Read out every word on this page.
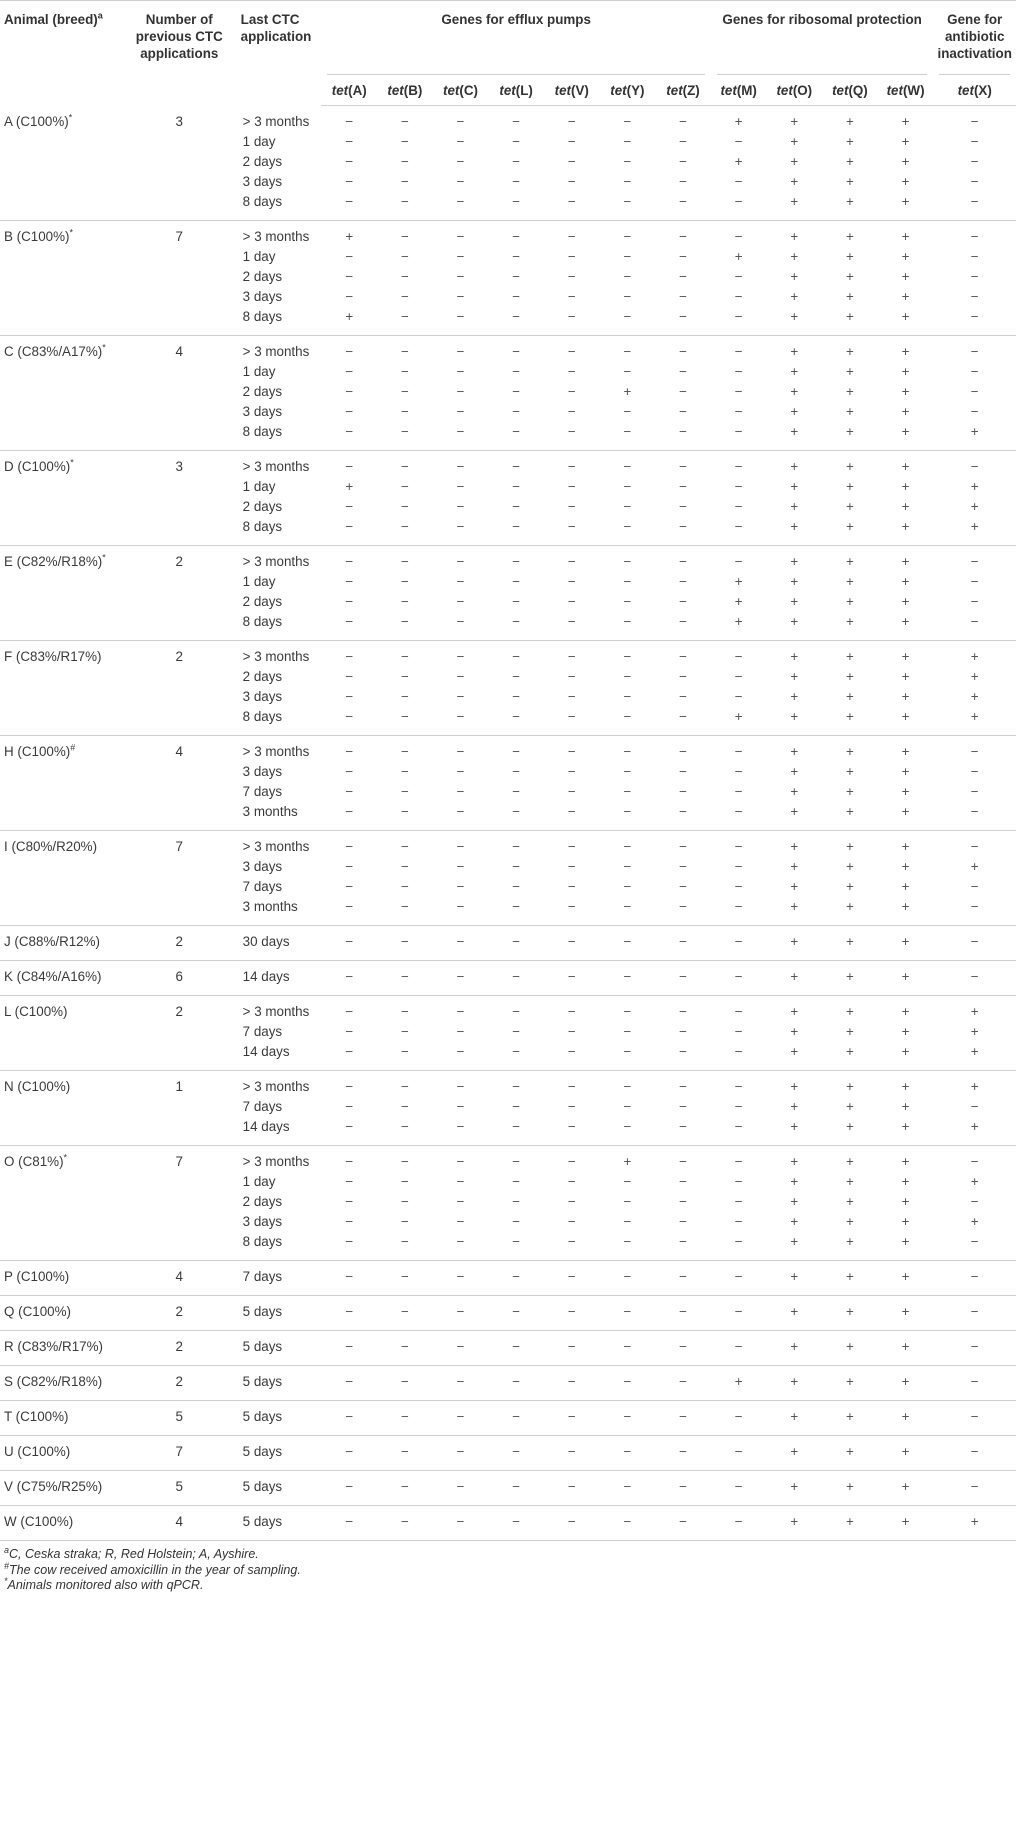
Animal (breed)$^a$	Number of previous CTC applications	Last CTC application	Genes for efflux pumps							Genes for ribosomal protection				Gene for antibiotic inactivation

			tet(A)	tet(B)	tet(C)	tet(L)	tet(V)	tet(Y)	tet(Z)	tet(M)	tet(O)	tet(Q)	tet(W)	tet(X)
A (C100%)*	3	> 3 months	−	−	−	−	−	−	−	+	+	+	+	−
		1 day	−	−	−	−	−	−	−	−	+	+	+	−
		2 days	−	−	−	−	−	−	−	+	+	+	+	−
		3 days	−	−	−	−	−	−	−	−	+	+	+	−
		8 days	−	−	−	−	−	−	−	−	+	+	+	−
B (C100%)*	7	> 3 months	+	−	−	−	−	−	−	−	+	+	+	−
		1 day	−	−	−	−	−	−	−	+	+	+	+	−
		2 days	−	−	−	−	−	−	−	−	+	+	+	−
		3 days	−	−	−	−	−	−	−	−	+	+	+	−
		8 days	+	−	−	−	−	−	−	−	+	+	+	−
C (C83%/A17%)*	4	> 3 months	−	−	−	−	−	−	−	−	+	+	+	−
		1 day	−	−	−	−	−	−	−	−	+	+	+	−
		2 days	−	−	−	−	−	+	−	−	+	+	+	−
		3 days	−	−	−	−	−	−	−	−	+	+	+	−
		8 days	−	−	−	−	−	−	−	−	+	+	+	+
D (C100%)*	3	> 3 months	−	−	−	−	−	−	−	−	+	+	+	−
		1 day	+	−	−	−	−	−	−	−	+	+	+	+
		2 days	−	−	−	−	−	−	−	−	+	+	+	+
		8 days	−	−	−	−	−	−	−	−	+	+	+	+
E (C82%/R18%)*	2	> 3 months	−	−	−	−	−	−	−	−	+	+	+	−
		1 day	−	−	−	−	−	−	−	+	+	+	+	−
		2 days	−	−	−	−	−	−	−	+	+	+	+	−
		8 days	−	−	−	−	−	−	−	+	+	+	+	−
F (C83%/R17%)	2	> 3 months	−	−	−	−	−	−	−	−	+	+	+	+
		2 days	−	−	−	−	−	−	−	−	+	+	+	+
		3 days	−	−	−	−	−	−	−	−	+	+	+	+
		8 days	−	−	−	−	−	−	−	+	+	+	+	+
H (C100%)#	4	> 3 months	−	−	−	−	−	−	−	−	+	+	+	−
		3 days	−	−	−	−	−	−	−	−	+	+	+	−
		7 days	−	−	−	−	−	−	−	−	+	+	+	−
		3 months	−	−	−	−	−	−	−	−	+	+	+	−
I (C80%/R20%)	7	> 3 months	−	−	−	−	−	−	−	−	+	+	+	−
		3 days	−	−	−	−	−	−	−	−	+	+	+	+
		7 days	−	−	−	−	−	−	−	−	+	+	+	−
		3 months	−	−	−	−	−	−	−	−	+	+	+	−
J (C88%/R12%)	2	30 days	−	−	−	−	−	−	−	−	+	+	+	−
K (C84%/A16%)	6	14 days	−	−	−	−	−	−	−	−	+	+	+	−
L (C100%)	2	> 3 months	−	−	−	−	−	−	−	−	+	+	+	+
		7 days	−	−	−	−	−	−	−	−	+	+	+	+
		14 days	−	−	−	−	−	−	−	−	+	+	+	+
N (C100%)	1	> 3 months	−	−	−	−	−	−	−	−	+	+	+	+
		7 days	−	−	−	−	−	−	−	−	+	+	+	−
		14 days	−	−	−	−	−	−	−	−	+	+	+	+
O (C81%)*	7	> 3 months	−	−	−	−	−	+	−	−	+	+	+	−
		1 day	−	−	−	−	−	−	−	−	+	+	+	+
		2 days	−	−	−	−	−	−	−	−	+	+	+	−
		3 days	−	−	−	−	−	−	−	−	+	+	+	+
		8 days	−	−	−	−	−	−	−	−	+	+	+	−
P (C100%)	4	7 days	−	−	−	−	−	−	−	−	+	+	+	−
Q (C100%)	2	5 days	−	−	−	−	−	−	−	−	+	+	+	−
R (C83%/R17%)	2	5 days	−	−	−	−	−	−	−	−	+	+	+	−
S (C82%/R18%)	2	5 days	−	−	−	−	−	−	−	+	+	+	+	−
T (C100%)	5	5 days	−	−	−	−	−	−	−	−	+	+	+	−
U (C100%)	7	5 days	−	−	−	−	−	−	−	−	+	+	+	−
V (C75%/R25%)	5	5 days	−	−	−	−	−	−	−	−	+	+	+	−
W (C100%)	4	5 days	−	−	−	−	−	−	−	−	+	+	+	+
$^a$C, Ceska straka; R, Red Holstein; A, Ayshire.
#The cow received amoxicillin in the year of sampling.
*Animals monitored also with qPCR.
